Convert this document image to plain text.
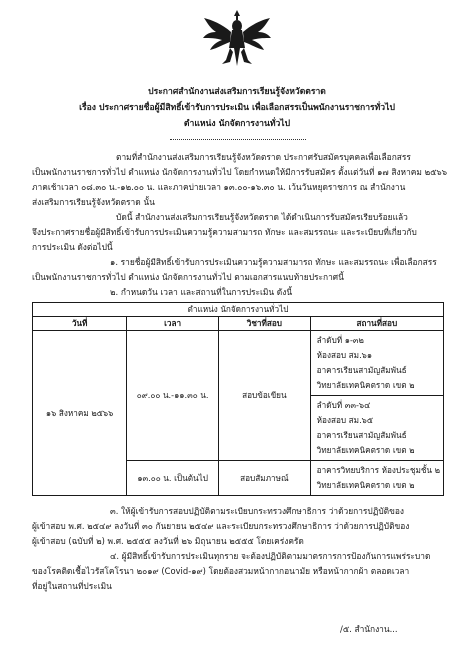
ประกาศสำนักงานส่งเสริมการเรียนรู้จังหวัดตราด
เรื่อง ประกาศรายชื่อผู้มีสิทธิ์เข้ารับการประเมิน เพื่อเลือกสรรเป็นพนักงานราชการทั่วไป
ตำแหน่ง นักจัดการงานทั่วไป
ตามที่สำนักงานส่งเสริมการเรียนรู้จังหวัดตราด ประกาศรับสมัครบุคคลเพื่อเลือกสรร
เป็นพนักงานราชการทั่วไป ตำแหน่ง นักจัดการงานทั่วไป โดยกำหนดให้มีการรับสมัคร ตั้งแต่วันที่ ๑๗ สิงหาคม ๒๕๖๖
ภาคเช้าเวลา ๐๘.๓๐ น.-๑๒.๐๐ น. และภาคบ่ายเวลา ๑๓.๐๐-๑๖.๓๐ น. เว้นวันหยุดราชการ ณ สำนักงาน
ส่งเสริมการเรียนรู้จังหวัดตราด นั้น
บัดนี้ สำนักงานส่งเสริมการเรียนรู้จังหวัดตราด ได้ดำเนินการรับสมัครเรียบร้อยแล้ว
จึงประกาศรายชื่อผู้มีสิทธิ์เข้ารับการประเมินความรู้ความสามารถ ทักษะ และสมรรถนะ และระเบียบที่เกี่ยวกับ
การประเมิน ดังต่อไปนี้
๑. รายชื่อผู้มีสิทธิ์เข้ารับการประเมินความรู้ความสามารถ ทักษะ และสมรรถนะ เพื่อเลือกสรร
เป็นพนักงานราชการทั่วไป ตำแหน่ง นักจัดการงานทั่วไป ตามเอกสารแนบท้ายประกาศนี้
๒. กำหนดวัน เวลา และสถานที่ในการประเมิน ดังนี้
ตำแหน่ง นักจัดการงานทั่วไป			
วันที่	เวลา	วิชาที่สอบ	สถานที่สอบ
๑๖ สิงหาคม ๒๕๖๖	๐๙.๐๐ น.-๑๑.๓๐ น.	สอบข้อเขียน	ลำดับที่ ๑-๓๒
ห้องสอบ สม.๖๑
อาคารเรียนสามัญสัมพันธ์
วิทยาลัยเทคนิคตราด เขต ๒

			ลำดับที่ ๓๓-๖๔
ห้องสอบ สม.๖๕
อาคารเรียนสามัญสัมพันธ์
วิทยาลัยเทคนิคตราด เขต ๒

	๑๓.๐๐ น. เป็นต้นไป	สอบสัมภาษณ์	อาคารวิทยบริการ ห้องประชุมชั้น ๒
วิทยาลัยเทคนิคตราด เขต ๒
๓. ให้ผู้เข้ารับการสอบปฏิบัติตามระเบียบกระทรวงศึกษาธิการ ว่าด้วยการปฏิบัติของ
ผู้เข้าสอบ พ.ศ. ๒๕๔๙ ลงวันที่ ๓๐ กันยายน ๒๕๔๙ และระเบียบกระทรวงศึกษาธิการ ว่าด้วยการปฏิบัติของ
ผู้เข้าสอบ (ฉบับที่ ๒) พ.ศ. ๒๕๕๕ ลงวันที่ ๒๖ มิถุนายน ๒๕๕๕ โดยเคร่งครัด
๔. ผู้มีสิทธิ์เข้ารับการประเมินทุกราย จะต้องปฏิบัติตามมาตรการการป้องกันการแพร่ระบาด
ของโรคติดเชื้อไวรัสโคโรนา ๒๐๑๙ (Covid-๑๙) โดยต้องสวมหน้ากากอนามัย หรือหน้ากากผ้า ตลอดเวลา
ที่อยู่ในสถานที่ประเมิน
/๕. สำนักงาน...
